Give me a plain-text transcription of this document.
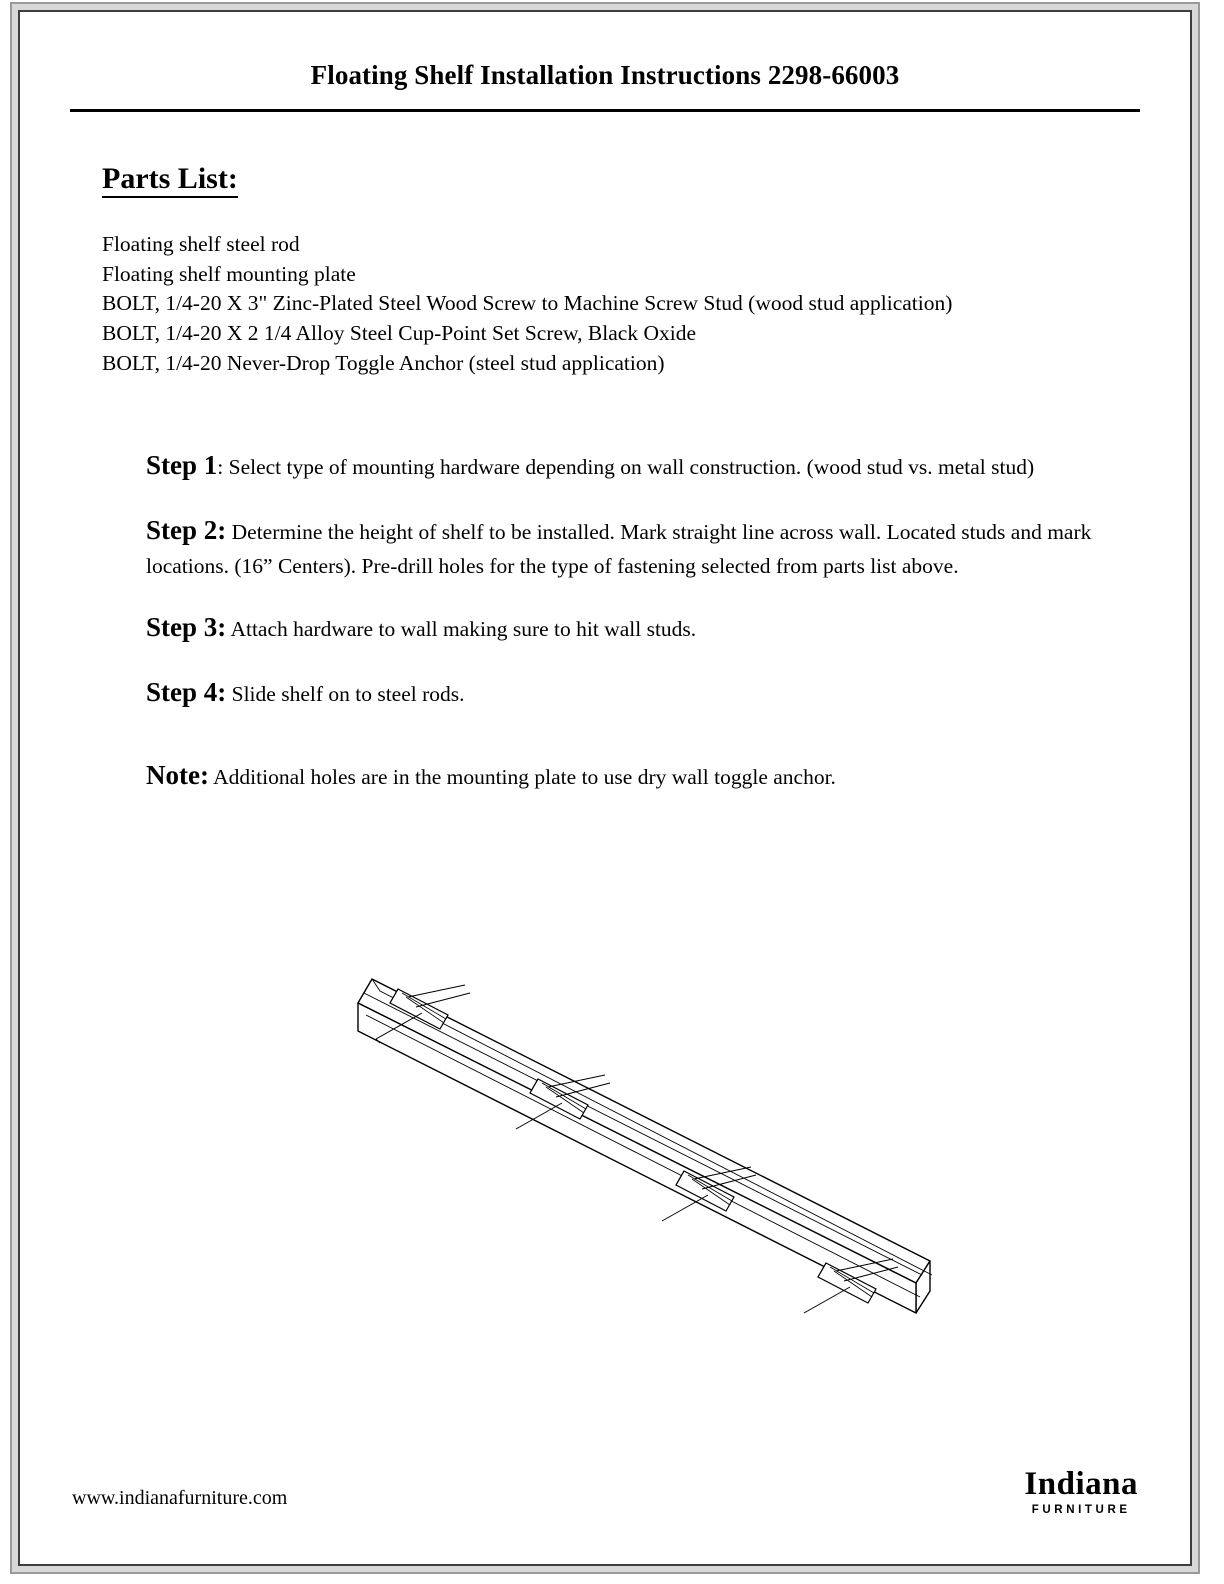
Floating Shelf Installation Instructions 2298-66003
Parts List:
Floating shelf steel rod
Floating shelf mounting plate
BOLT, 1/4-20 X 3" Zinc-Plated Steel Wood Screw to Machine Screw Stud (wood stud application)
BOLT, 1/4-20 X 2 1/4 Alloy Steel Cup-Point Set Screw, Black Oxide
BOLT, 1/4-20 Never-Drop Toggle Anchor (steel stud application)
Step 1: Select type of mounting hardware depending on wall construction. (wood stud vs. metal stud)
Step 2: Determine the height of shelf to be installed. Mark straight line across wall. Located studs and mark locations. (16” Centers). Pre-drill holes for the type of fastening selected from parts list above.
Step 3: Attach hardware to wall making sure to hit wall studs.
Step 4: Slide shelf on to steel rods.
Note: Additional holes are in the mounting plate to use dry wall toggle anchor.
www.indianafurniture.com	Indiana
FURNITURE
